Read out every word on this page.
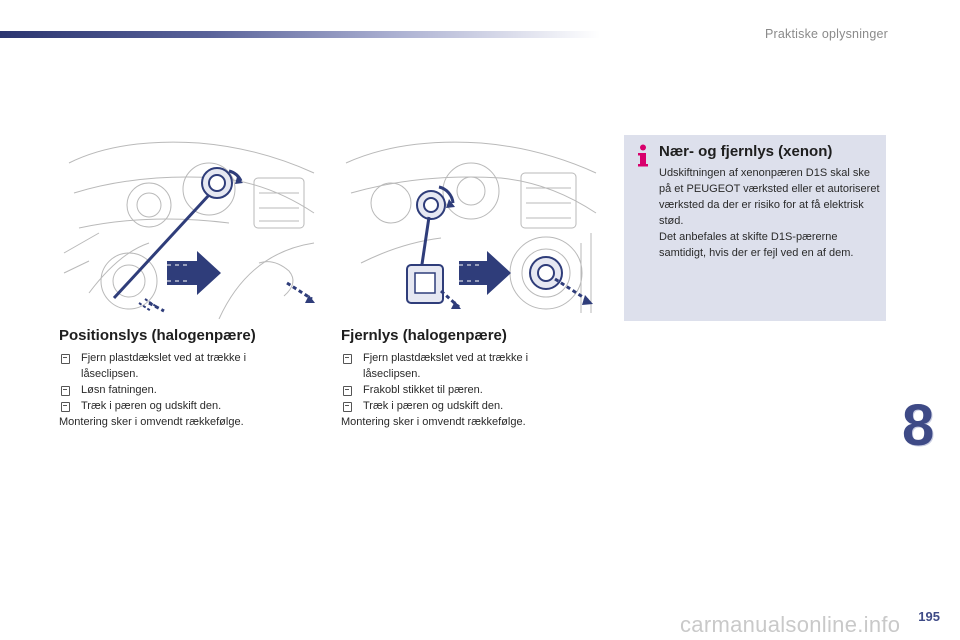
Praktiske oplysninger
Positionslys (halogenpære)
Fjern plastdækslet ved at trække i låseclipsen.
Løsn fatningen.
Træk i pæren og udskift den.
Montering sker i omvendt rækkefølge.
Fjernlys (halogenpære)
Fjern plastdækslet ved at trække i låseclipsen.
Frakobl stikket til pæren.
Træk i pæren og udskift den.
Montering sker i omvendt rækkefølge.
Nær- og fjernlys (xenon)

Udskiftningen af xenonpæren D1S skal ske på et PEUGEOT værksted eller et autoriseret værksted da der er risiko for at få elektrisk stød.

Det anbefales at skifte D1S-pærerne samtidigt, hvis der er fejl ved en af dem.

8
195
carmanualsonline.info
